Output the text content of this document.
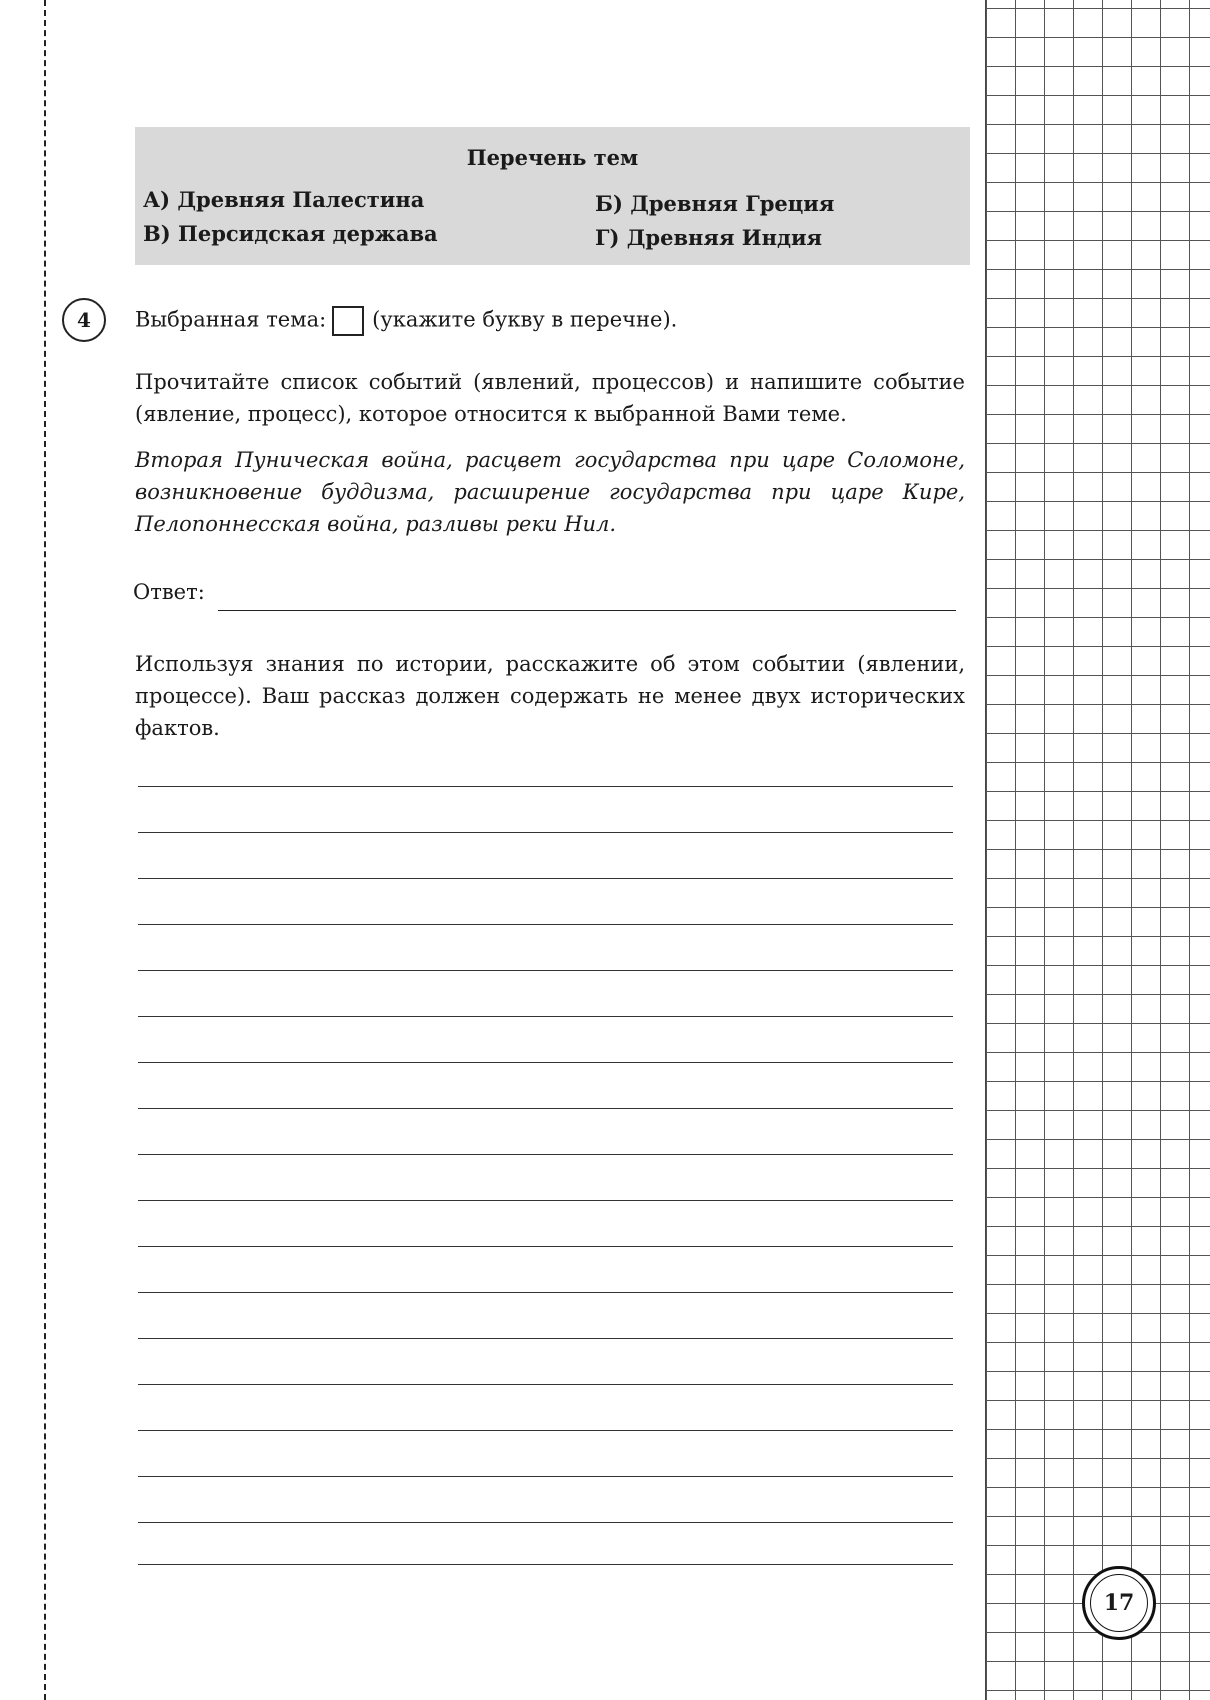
Перечень тем
А) Древняя Палестина	Б) Древняя Греция
В) Персидская держава	Г) Древняя Индия
4	Выбранная тема: (укажите букву в перечне).
Прочитайте список событий (явлений, процессов) и напишите событие (явление, процесс), которое относится к выбранной Вами теме.
Вторая Пуническая война, расцвет государства при царе Соломоне, возникновение буддизма, расширение государства при царе Кире, Пелопоннесская война, разливы реки Нил.
Ответ:
Используя знания по истории, расскажите об этом событии (явлении, процессе). Ваш рассказ должен содержать не менее двух исторических фактов.
17
